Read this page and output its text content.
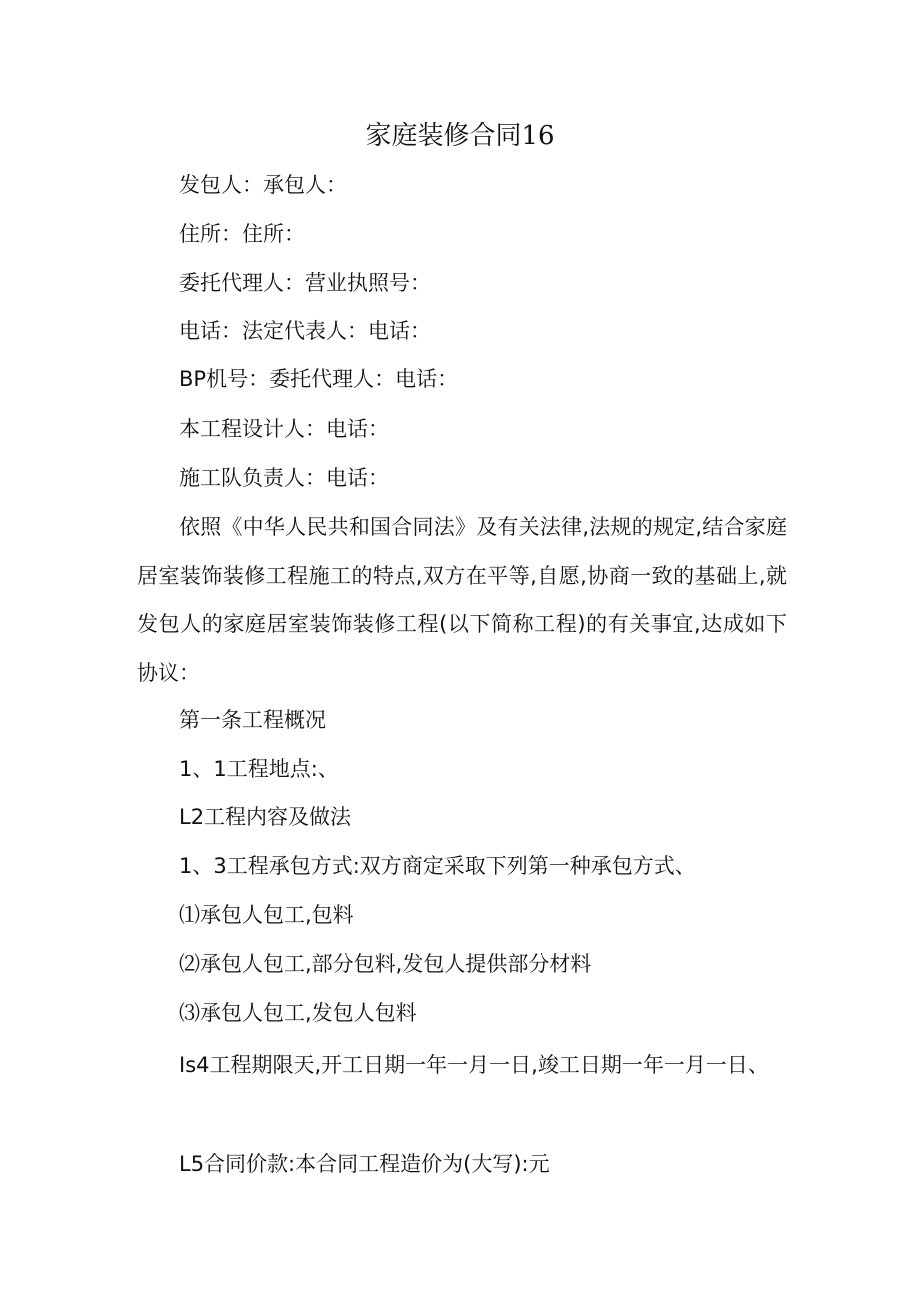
家庭装修合同16
发包人：承包人：
住所：住所：
委托代理人：营业执照号：
电话：法定代表人：电话：
BP机号：委托代理人：电话：
本工程设计人：电话：
施工队负责人：电话：
依照《中华人民共和国合同法》及有关法律,法规的规定,结合家庭居室装饰装修工程施工的特点,双方在平等,自愿,协商一致的基础上,就发包人的家庭居室装饰装修工程(以下简称工程)的有关事宜,达成如下协议：
第一条工程概况
1、1工程地点:、
L2工程内容及做法
1、3工程承包方式:双方商定采取下列第一种承包方式、
⑴承包人包工,包料
⑵承包人包工,部分包料,发包人提供部分材料
⑶承包人包工,发包人包料
Is4工程期限天,开工日期一年一月一日,竣工日期一年一月一日、
L5合同价款:本合同工程造价为(大写):元
